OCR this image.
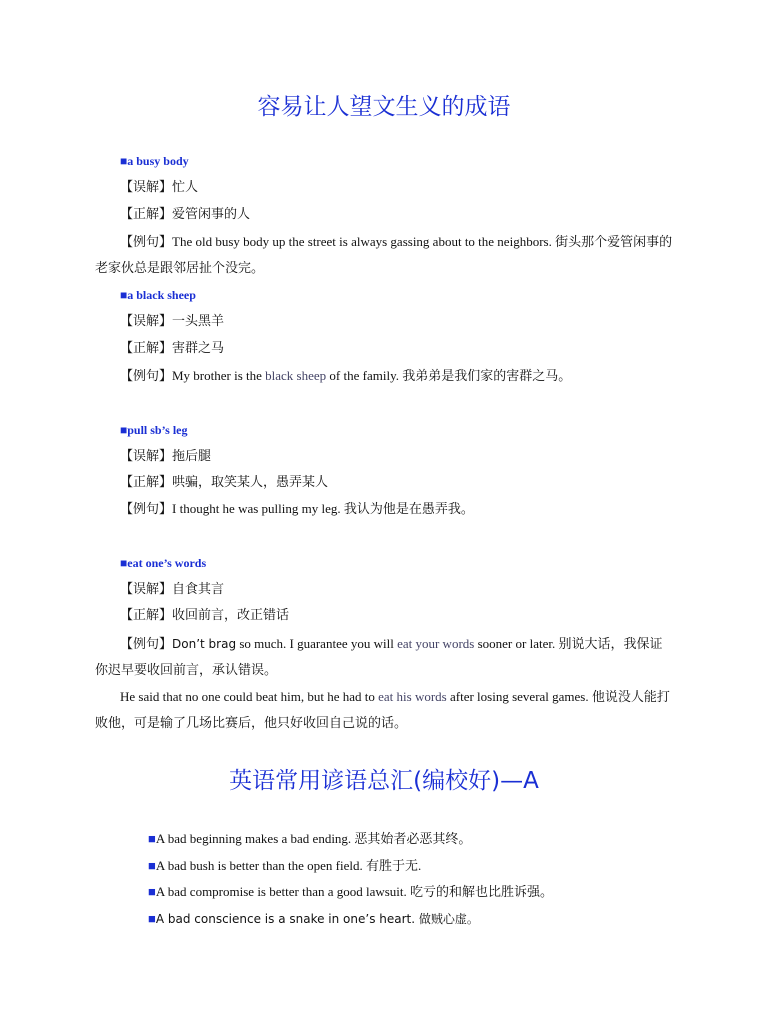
容易让人望文生义的成语
■a busy body
【误解】忙人
【正解】爱管闲事的人
【例句】The old busy body up the street is always gassing about to the neighbors. 街头那个爱管闲事的老家伙总是跟邻居扯个没完。
■a black sheep
【误解】一头黑羊
【正解】害群之马
【例句】My brother is the black sheep of the family. 我弟弟是我们家的害群之马。
■pull sb’s leg
【误解】拖后腿
【正解】哄骗，取笑某人，愚弄某人
【例句】I thought he was pulling my leg. 我认为他是在愚弄我。
■eat one’s words
【误解】自食其言
【正解】收回前言，改正错话
【例句】Don’t brag so much. I guarantee you will eat your words sooner or later. 别说大话，我保证你迟早要收回前言，承认错误。
He said that no one could beat him, but he had to eat his words after losing several games. 他说没人能打败他，可是输了几场比赛后，他只好收回自己说的话。
英语常用谚语总汇(编校好)—A
■A bad beginning makes a bad ending. 恶其始者必恶其终。
■A bad bush is better than the open field. 有胜于无.
■A bad compromise is better than a good lawsuit. 吃亏的和解也比胜诉强。
■A bad conscience is a snake in one’s heart. 做贼心虚。
